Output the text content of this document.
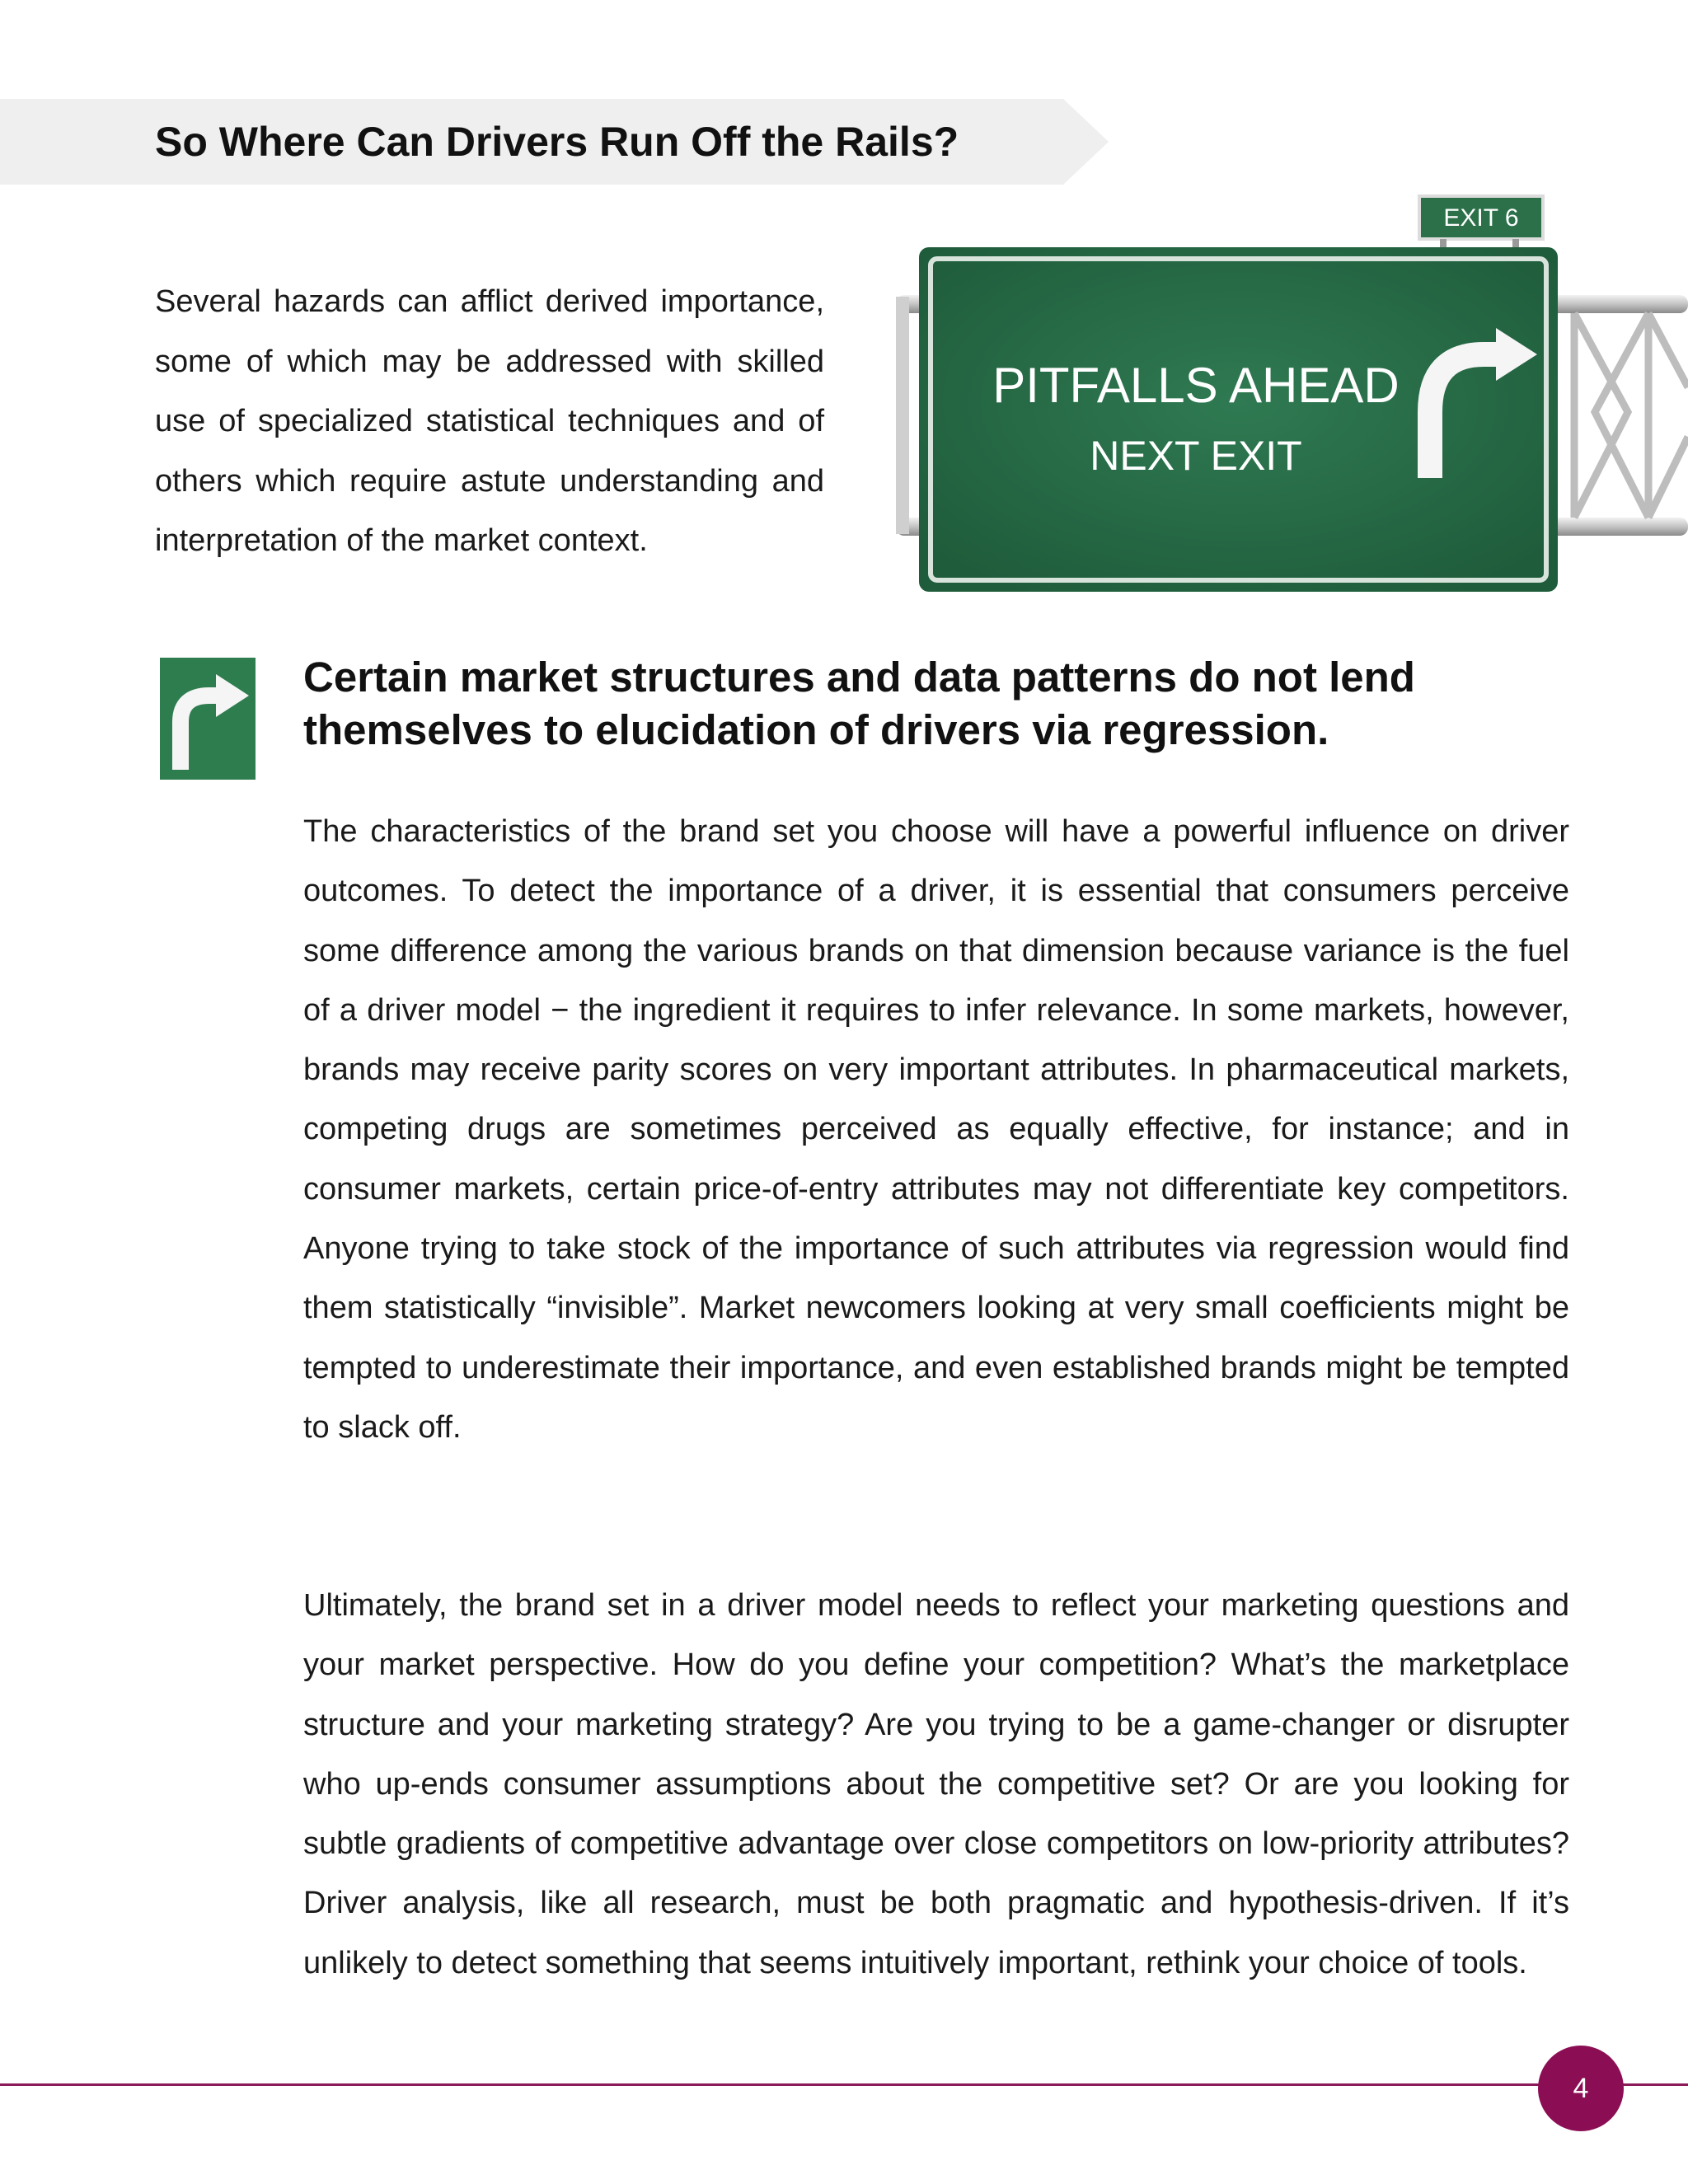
So Where Can Drivers Run Off the Rails?

Several hazards can afflict derived importance, some of which may be addressed with skilled use of specialized statistical techniques and of others which require astute understanding and interpretation of the market context.

EXIT 6
PITFALLS AHEAD
NEXT EXIT
Certain market structures and data patterns do not lend themselves to elucidation of drivers via regression.

The characteristics of the brand set you choose will have a powerful influence on driver outcomes. To detect the importance of a driver, it is essential that consumers perceive some difference among the various brands on that dimension because variance is the fuel of a driver model − the ingredient it requires to infer relevance. In some markets, however, brands may receive parity scores on very important attributes. In pharmaceutical markets, competing drugs are sometimes perceived as equally effective, for instance; and in consumer markets, certain price-of-entry attributes may not differentiate key competitors. Anyone trying to take stock of the importance of such attributes via regression would find them statistically “invisible”. Market newcomers looking at very small coefficients might be tempted to underestimate their importance, and even established brands might be tempted to slack off.

Ultimately, the brand set in a driver model needs to reflect your marketing questions and your market perspective. How do you define your competition? What’s the marketplace structure and your marketing strategy? Are you trying to be a game-changer or disrupter who up-ends consumer assumptions about the competitive set? Or are you looking for subtle gradients of competitive advantage over close competitors on low-priority attributes? Driver analysis, like all research, must be both pragmatic and hypothesis-driven. If it’s unlikely to detect something that seems intuitively important, rethink your choice of tools.

4
